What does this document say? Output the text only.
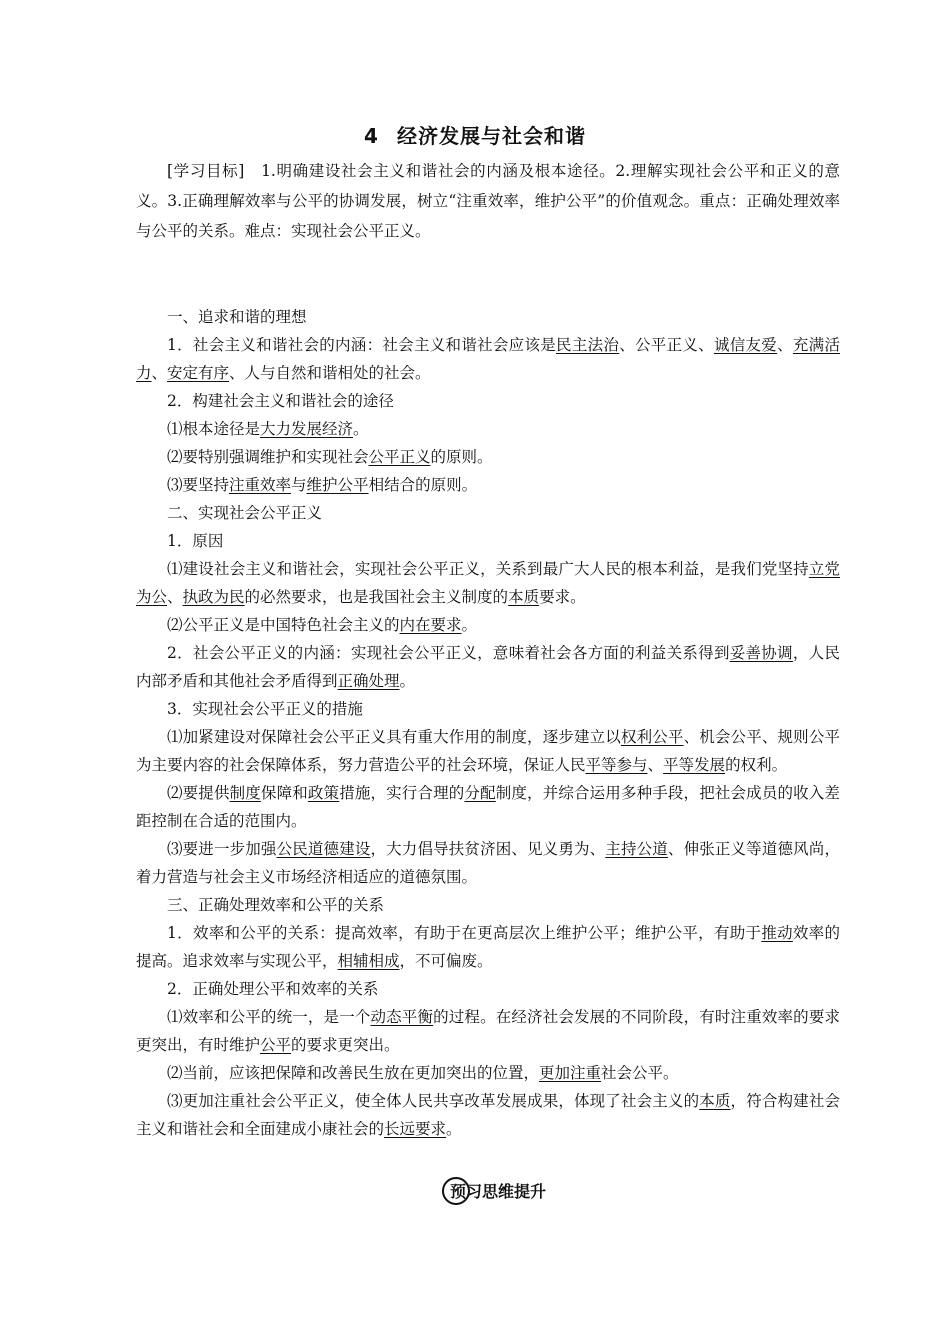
4 经济发展与社会和谐
[学习目标]　1.明确建设社会主义和谐社会的内涵及根本途径。2.理解实现社会公平和正义的意义。3.正确理解效率与公平的协调发展，树立“注重效率，维护公平”的价值观念。重点：正确处理效率与公平的关系。难点：实现社会公平正义。

一、追求和谐的理想

1．社会主义和谐社会的内涵：社会主义和谐社会应该是民主法治、公平正义、诚信友爱、充满活力、安定有序、人与自然和谐相处的社会。

2．构建社会主义和谐社会的途径

⑴根本途径是大力发展经济。

⑵要特别强调维护和实现社会公平正义的原则。

⑶要坚持注重效率与维护公平相结合的原则。

二、实现社会公平正义

1．原因

⑴建设社会主义和谐社会，实现社会公平正义，关系到最广大人民的根本利益，是我们党坚持立党为公、执政为民的必然要求，也是我国社会主义制度的本质要求。

⑵公平正义是中国特色社会主义的内在要求。

2．社会公平正义的内涵：实现社会公平正义，意味着社会各方面的利益关系得到妥善协调，人民内部矛盾和其他社会矛盾得到正确处理。

3．实现社会公平正义的措施

⑴加紧建设对保障社会公平正义具有重大作用的制度，逐步建立以权利公平、机会公平、规则公平为主要内容的社会保障体系，努力营造公平的社会环境，保证人民平等参与、平等发展的权利。

⑵要提供制度保障和政策措施，实行合理的分配制度，并综合运用多种手段，把社会成员的收入差距控制在合适的范围内。

⑶要进一步加强公民道德建设，大力倡导扶贫济困、见义勇为、主持公道、伸张正义等道德风尚，着力营造与社会主义市场经济相适应的道德氛围。

三、正确处理效率和公平的关系

1．效率和公平的关系：提高效率，有助于在更高层次上维护公平；维护公平，有助于推动效率的提高。追求效率与实现公平，相辅相成，不可偏废。

2．正确处理公平和效率的关系

⑴效率和公平的统一，是一个动态平衡的过程。在经济社会发展的不同阶段，有时注重效率的要求更突出，有时维护公平的要求更突出。

⑵当前，应该把保障和改善民生放在更加突出的位置，更加注重社会公平。

⑶更加注重社会公平正义，使全体人民共享改革发展成果，体现了社会主义的本质，符合构建社会主义和谐社会和全面建成小康社会的长远要求。

预习思维提升
